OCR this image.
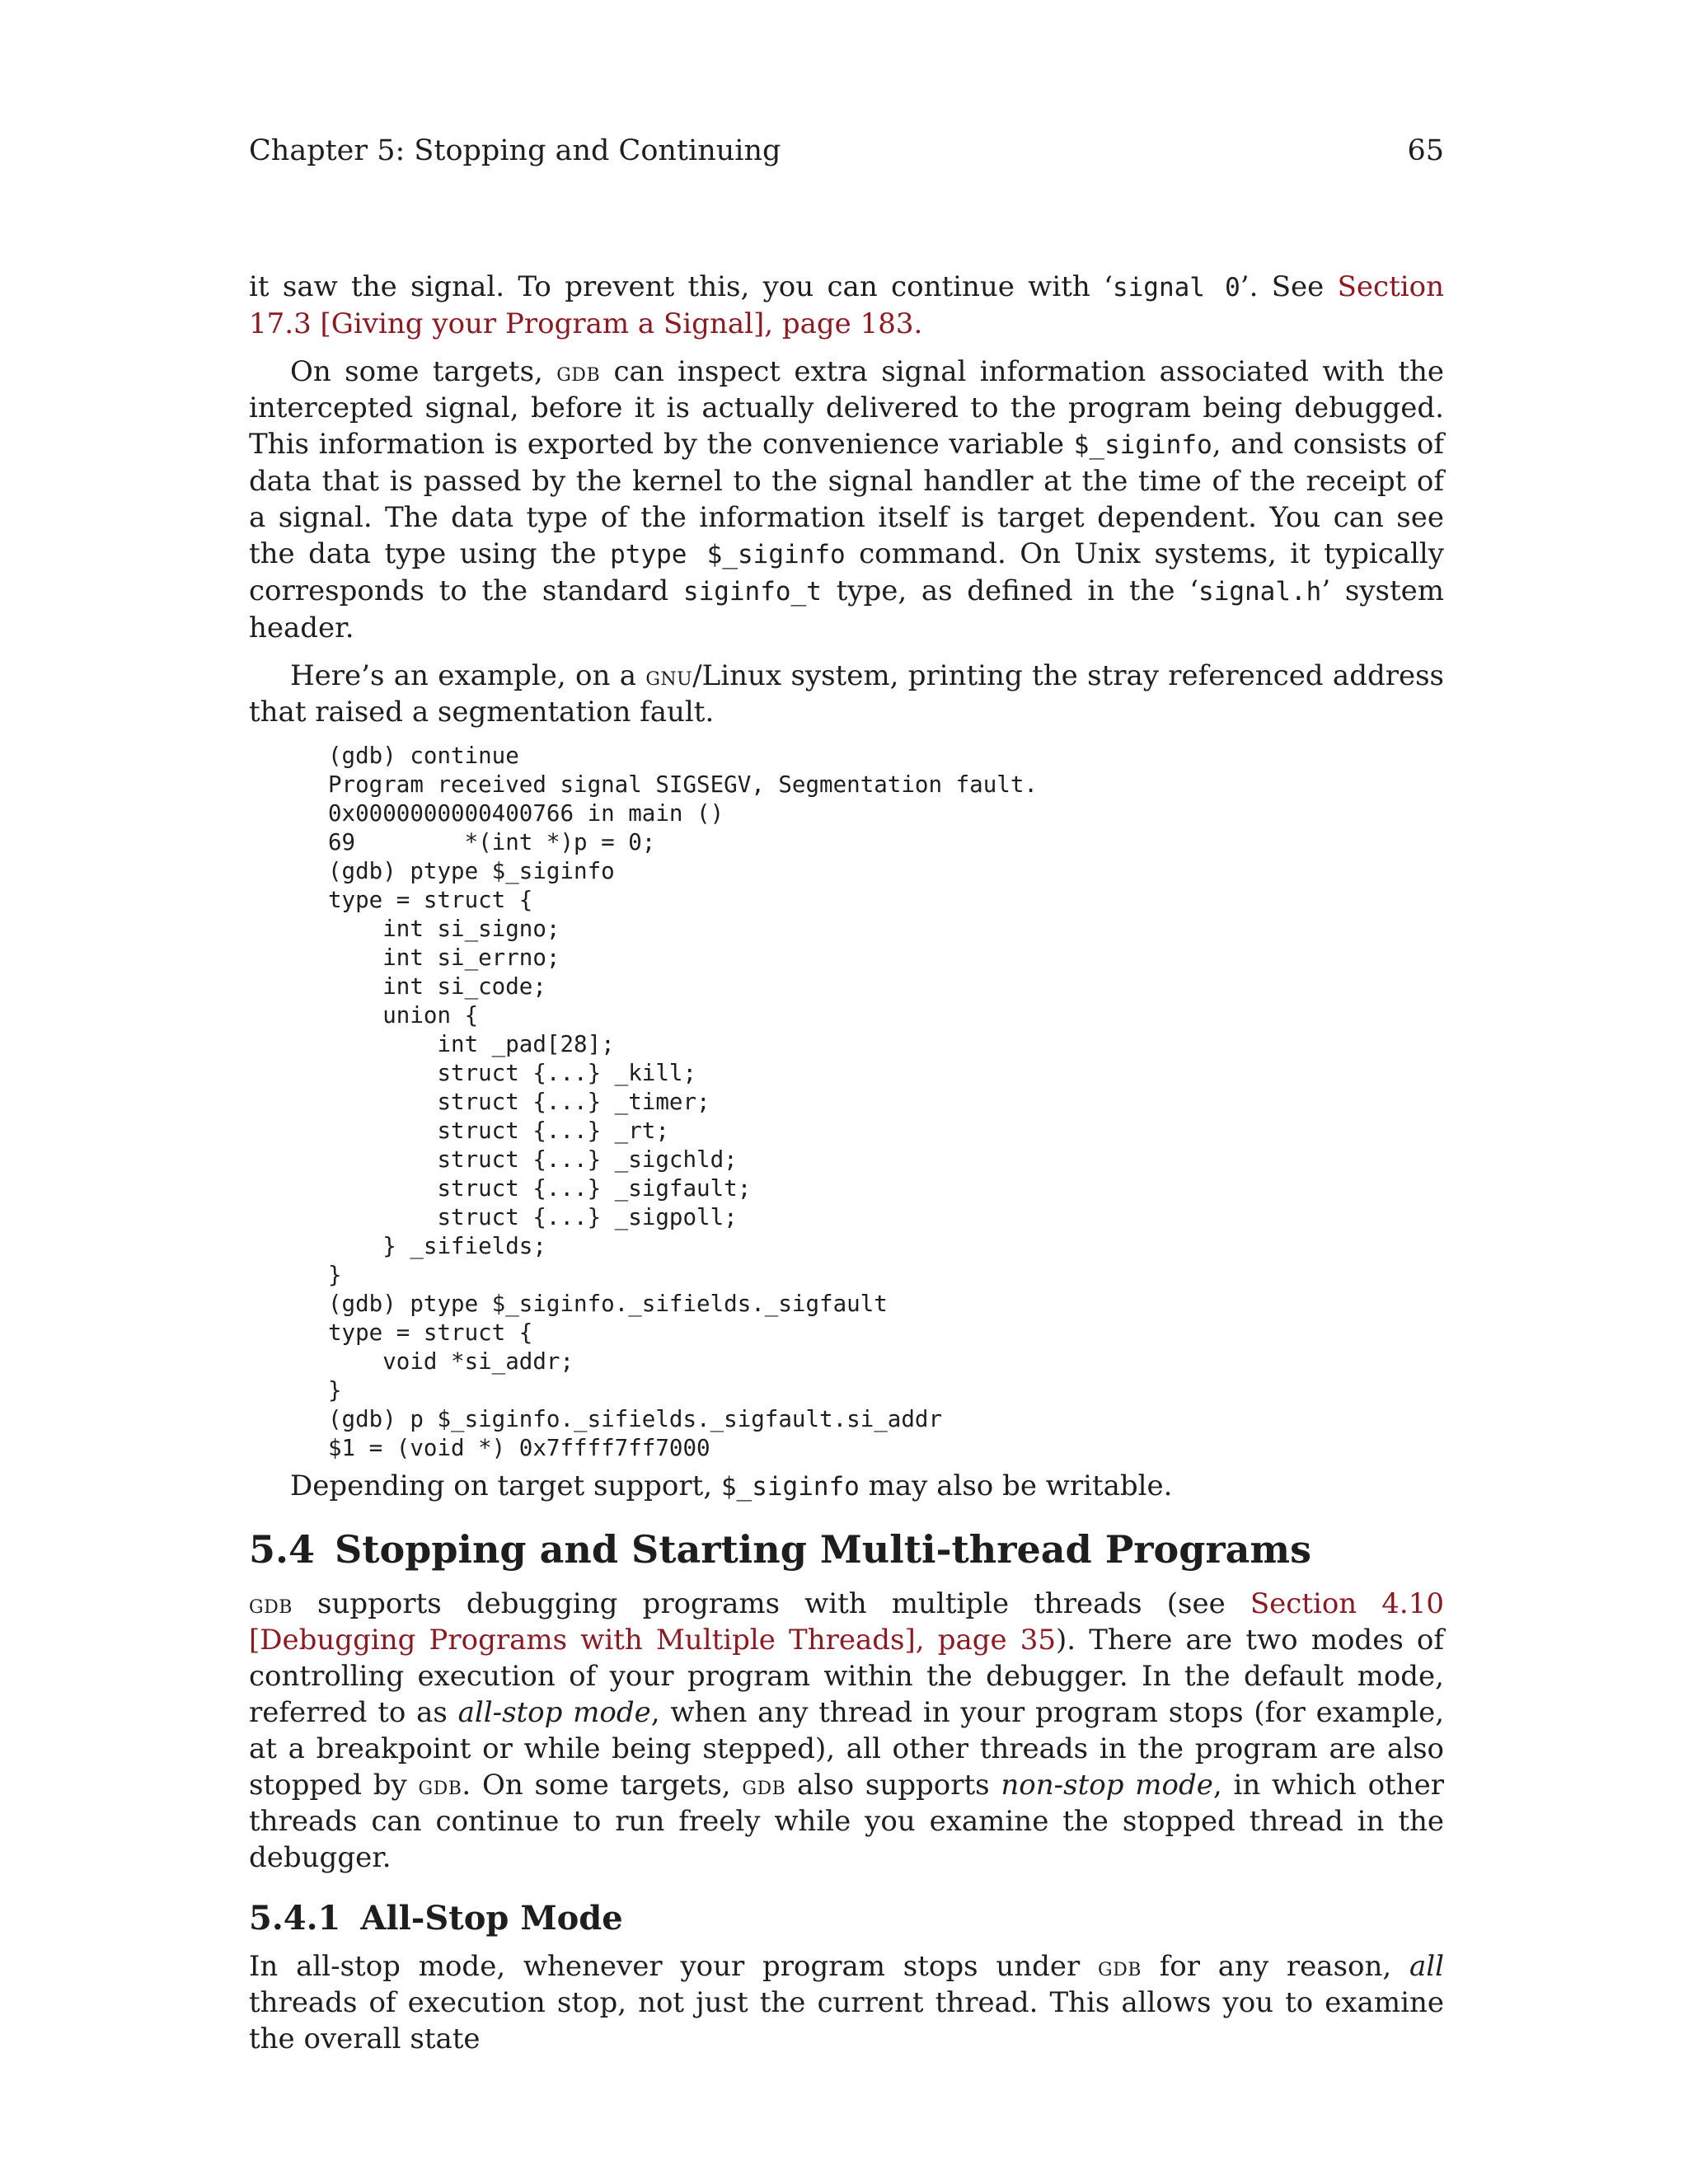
Chapter 5: Stopping and Continuing	65

it saw the signal. To prevent this, you can continue with ‘signal 0’. See Section 17.3 [Giving your Program a Signal], page 183.

On some targets, gdb can inspect extra signal information associated with the intercepted signal, before it is actually delivered to the program being debugged. This information is exported by the convenience variable $_siginfo, and consists of data that is passed by the kernel to the signal handler at the time of the receipt of a signal. The data type of the information itself is target dependent. You can see the data type using the ptype $_siginfo command. On Unix systems, it typically corresponds to the standard siginfo_t type, as defined in the ‘signal.h’ system header.

Here’s an example, on a gnu/Linux system, printing the stray referenced address that raised a segmentation fault.

(gdb) continue
Program received signal SIGSEGV, Segmentation fault.
0x0000000000400766 in main ()
69        *(int *)p = 0;
(gdb) ptype $_siginfo
type = struct {
int si_signo;
int si_errno;
int si_code;
union {
int _pad[28];
struct {...} _kill;
struct {...} _timer;
struct {...} _rt;
struct {...} _sigchld;
struct {...} _sigfault;
struct {...} _sigpoll;
} _sifields;
}
(gdb) ptype $_siginfo._sifields._sigfault
type = struct {
void *si_addr;
}
(gdb) p $_siginfo._sifields._sigfault.si_addr
$1 = (void *) 0x7ffff7ff7000

Depending on target support, $_siginfo may also be writable.

5.4 Stopping and Starting Multi-thread Programs

gdb supports debugging programs with multiple threads (see Section 4.10 [Debugging Programs with Multiple Threads], page 35). There are two modes of controlling execution of your program within the debugger. In the default mode, referred to as all-stop mode, when any thread in your program stops (for example, at a breakpoint or while being stepped), all other threads in the program are also stopped by gdb. On some targets, gdb also supports non-stop mode, in which other threads can continue to run freely while you examine the stopped thread in the debugger.

5.4.1 All-Stop Mode

In all-stop mode, whenever your program stops under gdb for any reason, all threads of execution stop, not just the current thread. This allows you to examine the overall state
